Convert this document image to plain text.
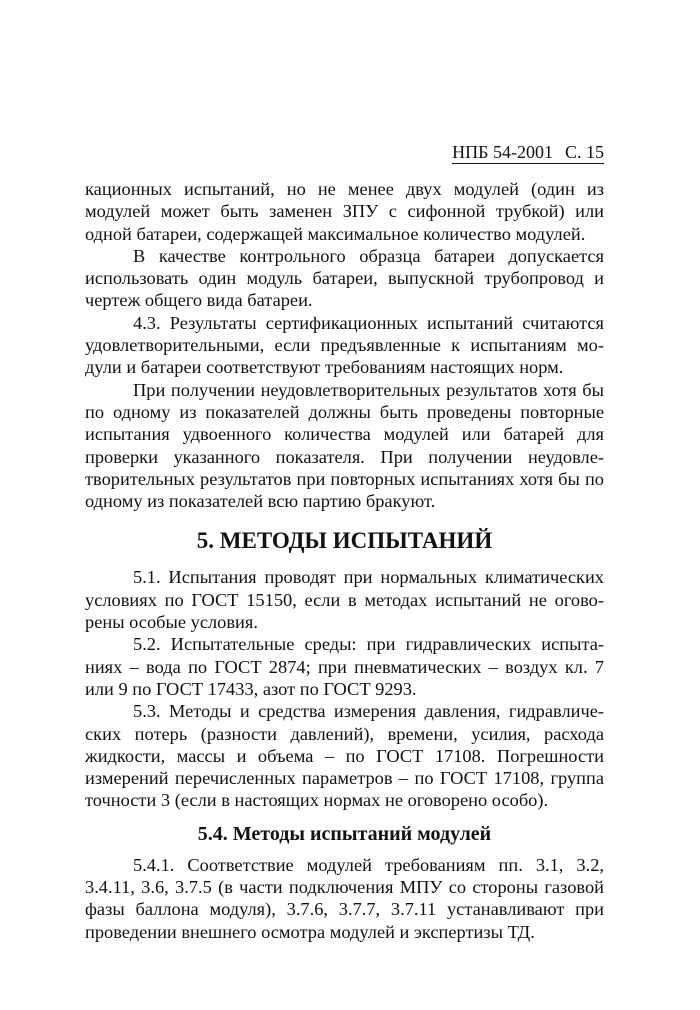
НПБ 54-2001 С. 15

кационных испытаний, но не менее двух модулей (один из модулей может быть заменен ЗПУ с сифонной трубкой) или одной батареи, содержащей максимальное количество модулей.

В качестве контрольного образца батареи допускается использовать один модуль батареи, выпускной трубопровод и чертеж общего вида батареи.

4.3. Результаты сертификационных испытаний считаются удовлетворительными, если предъявленные к испытаниям модули и батареи соответствуют требованиям настоящих норм.

При получении неудовлетворительных результатов хотя бы по одному из показателей должны быть проведены повторные испытания удвоенного количества модулей или батарей для проверки указанного показателя. При получении неудовлетворительных результатов при повторных испытаниях хотя бы по одному из показателей всю партию бракуют.

5. МЕТОДЫ ИСПЫТАНИЙ

5.1. Испытания проводят при нормальных климатических условиях по ГОСТ 15150, если в методах испытаний не оговорены особые условия.

5.2. Испытательные среды: при гидравлических испытаниях – вода по ГОСТ 2874; при пневматических – воздух кл. 7 или 9 по ГОСТ 17433, азот по ГОСТ 9293.

5.3. Методы и средства измерения давления, гидравлических потерь (разности давлений), времени, усилия, расхода жидкости, массы и объема – по ГОСТ 17108. Погрешности измерений перечисленных параметров – по ГОСТ 17108, группа точности 3 (если в настоящих нормах не оговорено особо).

5.4. Методы испытаний модулей

5.4.1. Соответствие модулей требованиям пп. 3.1, 3.2, 3.4.11, 3.6, 3.7.5 (в части подключения МПУ со стороны газовой фазы баллона модуля), 3.7.6, 3.7.7, 3.7.11 устанавливают при проведении внешнего осмотра модулей и экспертизы ТД.
